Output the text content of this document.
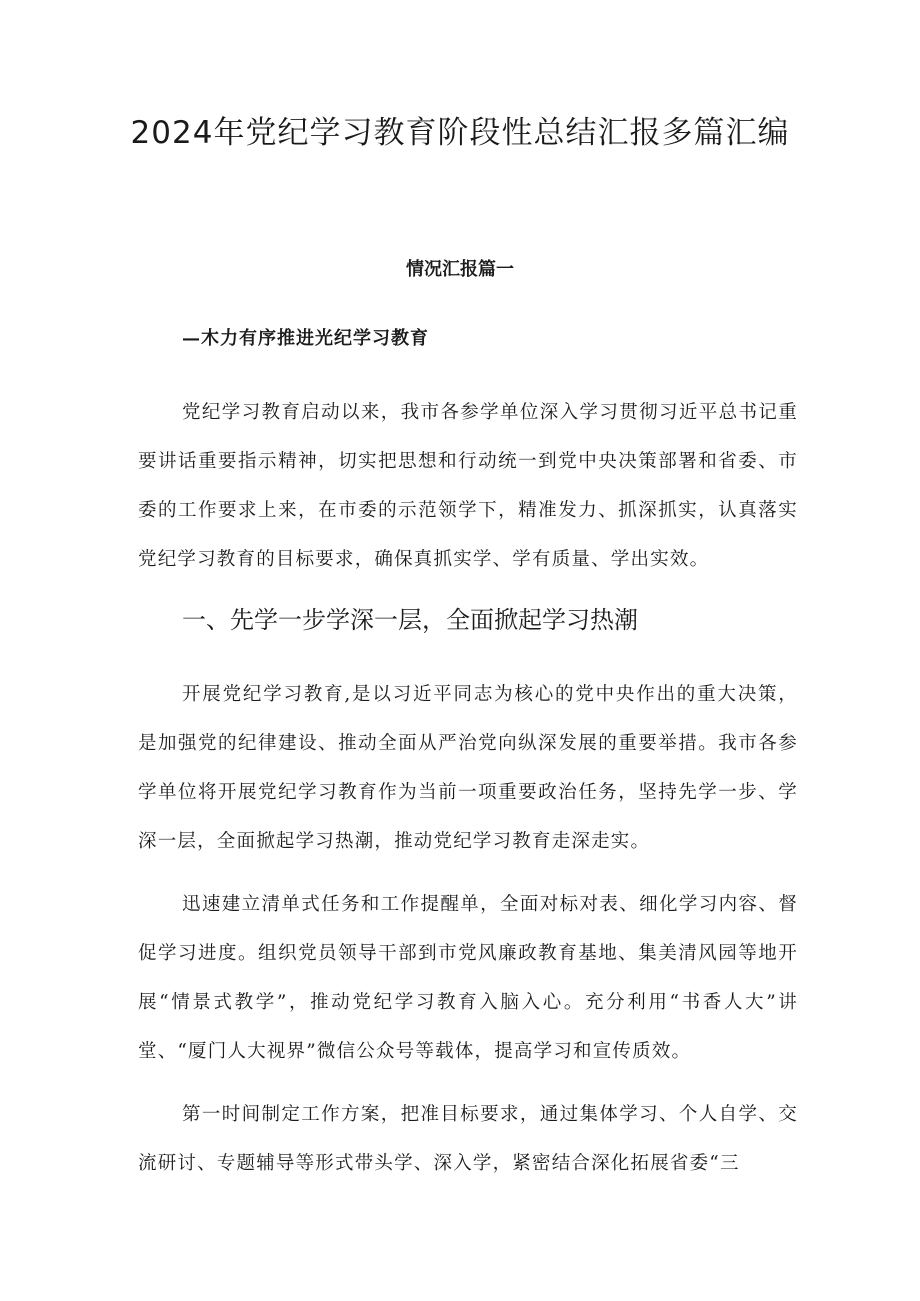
2024年党纪学习教育阶段性总结汇报多篇汇编

情况汇报篇一

—木力有序推进光纪学习教育

党纪学习教育启动以来，我市各参学单位深入学习贯彻习近平总书记重要讲话重要指示精神，切实把思想和行动统一到党中央决策部署和省委、市委的工作要求上来，在市委的示范领学下，精准发力、抓深抓实，认真落实党纪学习教育的目标要求，确保真抓实学、学有质量、学出实效。

一、先学一步学深一层，全面掀起学习热潮

开展党纪学习教育,是以习近平同志为核心的党中央作出的重大决策，是加强党的纪律建设、推动全面从严治党向纵深发展的重要举措。我市各参学单位将开展党纪学习教育作为当前一项重要政治任务，坚持先学一步、学深一层，全面掀起学习热潮，推动党纪学习教育走深走实。

迅速建立清单式任务和工作提醒单，全面对标对表、细化学习内容、督促学习进度。组织党员领导干部到市党风廉政教育基地、集美清风园等地开展“情景式教学”，推动党纪学习教育入脑入心。充分利用“书香人大”讲堂、“厦门人大视界”微信公众号等载体，提高学习和宣传质效。

第一时间制定工作方案，把准目标要求，通过集体学习、个人自学、交流研讨、专题辅导等形式带头学、深入学，紧密结合深化拓展省委“三
